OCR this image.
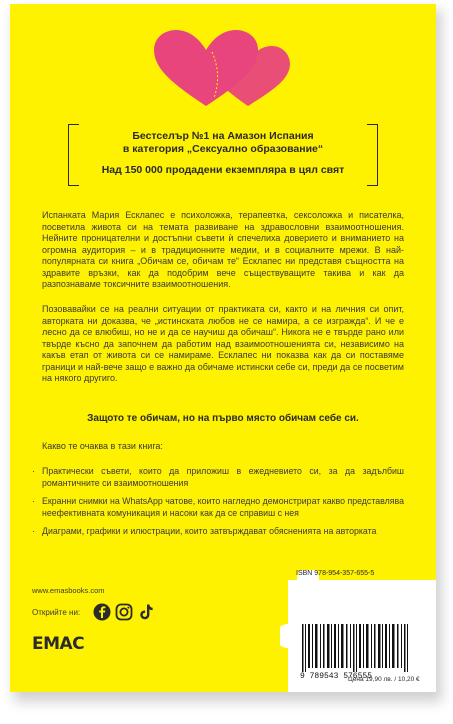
Бестселър №1 на Амазон Испания
в категория „Сексуално образование“
Над 150 000 продадени екземпляра в цял свят

Испанката Мария Есклапес е психоложка, терапевтка, сексоложка и писателка, посветила живота си на темата развиване на здравословни взаимоотношения. Нейните проницателни и достъпни съвети ѝ спечелиха доверието и вниманието на огромна аудитория – и в традиционните медии, и в социалните мрежи. В най-популярната си книга „Обичам се, обичам те“ Есклапес ни представя същността на здравите връзки, как да подобрим вече съществуващите такива и как да разпознаваме токсичните взаимоотношения.

Позовавайки се на реални ситуации от практиката си, както и на личния си опит, авторката ни доказва, че „истинската любов не се намира, а се изгражда“. И че е лесно да се влюбиш, но не и да се научиш да обичаш“. Никога не е твърде рано или твърде късно да започнем да работим над взаимоотношенията си, независимо на какъв етап от живота си се намираме. Есклапес ни показва как да си поставяме граници и най-вече защо е важно да обичаме истински себе си, преди да се посветим на някого другиго.

Защото те обичам, но на първо място обичам себе си.

Какво те очаква в тази книга:

· Практически съвети, които да приложиш в ежедневието си, за да задълбиш романтичните си взаимоотношения
· Екранни снимки на WhatsApp чатове, които нагледно демонстрират какво представлява неефективната комуникация и насоки как да се справиш с нея
· Диаграми, графики и илюстрации, които затвърждават обясненията на авторката
www.emasbooks.com
Открийте ни:
EMAC
9 789543 576555
ISBN 978-954-357-655-5
Цена 19,90 лв. / 10,20 €
